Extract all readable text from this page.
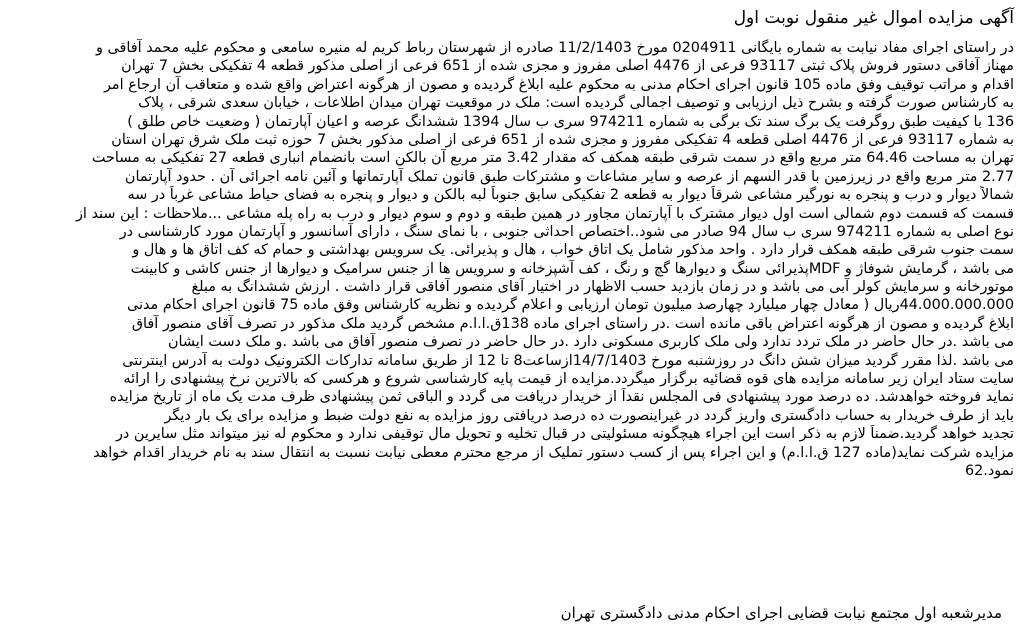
آگهی مزایده اموال غیر منقول نوبت اول
در راستای اجرای مفاد نیابت به شماره بایگانی 0204911 مورخ 11/2/1403 صادره از شهرستان رباط کریم له منیره سامعی و محکوم علیه محمد آفاقی و
مهناز آفاقی دستور فروش پلاک ثبتی 93117 فرعی از 4476 اصلی مفروز و مجزی شده از 651 فرعی از اصلی مذکور قطعه 4 تفکیکی بخش 7 تهران
اقدام و مراتب توقیف وفق ماده 105 قانون اجرای احکام مدنی به محکوم علیه ابلاغ گردیده و مصون از هرگونه اعتراض واقع شده و متعاقب آن ارجاع امر
به کارشناس صورت گرفته و بشرح ذیل ارزیابی و توصیف اجمالی گردیده است: ملک در موقعیت تهران میدان اطلاعات ، خیابان سعدی شرقی ، پلاک
136 با کیفیت طبق روگرفت یک برگ سند تک برگی به شماره 974211 سری ب سال 1394 ششدانگ عرصه و اعیان آپارتمان ( وضعیت خاص طلق )
به شماره 93117 فرعی از 4476 اصلی قطعه 4 تفکیکی مفروز و مجزی شده از 651 فرعی از اصلی مذکور بخش 7 حوزه ثبت ملک شرق تهران استان
تهران به مساحت 64.46 متر مربع واقع در سمت شرقی طبقه همکف که مقدار 3.42 متر مربع آن بالکن است بانضمام انباری قطعه 27 تفکیکی به مساحت
2.77 متر مربع واقع در زیرزمین با قدر السهم از عرصه و سایر مشاعات و مشترکات طبق قانون تملک آپارتمانها و آئین نامه اجرائی آن . حدود آپارتمان
شمالاً دیوار و درب و پنجره به نورگیر مشاعی شرقاً دیوار به قطعه 2 تفکیکی سابق جنوباً لبه بالکن و دیوار و پنجره به فضای حیاط مشاعی غرباً در سه
قسمت که قسمت دوم شمالی است اول دیوار مشترک با آپارتمان مجاور در همین طبقه و دوم و سوم دیوار و درب به راه پله مشاعی ...ملاحظات : این سند از
نوع اصلی به شماره 974211 سری ب سال 94 صادر می شود..اختصاص احداثی جنوبی ، با نمای سنگ ، دارای آسانسور و آپارتمان مورد کارشناسی در
سمت جنوب شرقی طبقه همکف قرار دارد . واحد مذکور شامل یک اتاق خواب ، هال و پذیرائی. یک سرویس بهداشتی و حمام که کف اتاق ها و هال و
می باشد ، گرمایش شوفاژ و MDFپذیرائی سنگ و دیوارها گچ و رنگ ، کف آشپزخانه و سرویس ها از جنس سرامیک و دیوارها از جنس کاشی و کابینت
موتورخانه و سرمایش کولر آبی می باشد و در زمان بازدید حسب الاظهار در اختیار آقای منصور آفاقی قرار داشت . ارزش ششدانگ به مبلغ
44.000.000.000ریال ( معادل چهار میلیارد چهارصد میلیون تومان ارزیابی و اعلام گردیده و نظریه کارشناس وفق ماده 75 قانون اجرای احکام مدنی
ابلاغ گردیده و مصون از هرگونه اعتراض باقی مانده است .در راستای اجرای ماده 138ق.ا.ا.م مشخص گردید ملک مذکور در تصرف آقای منصور آفاق
می باشد .در حال حاضر در ملک تردد ندارد ولی ملک کاربری مسکونی دارد .در حال حاضر در تصرف منصور آفاق می باشد .و ملک دست ایشان
می باشد .لذا مقرر گردید میزان شش دانگ در روزشنبه مورخ 14/7/1403ازساعت8 تا 12 از طریق سامانه تدارکات الکترونیک دولت به آدرس اینترنتی
سایت ستاد ایران زیر سامانه مزایده های قوه قضائیه برگزار میگردد.مزایده از قیمت پایه کارشناسی شروع و هرکسی که بالاترین نرخ پیشنهادی را ارائه
نماید فروخته خواهدشد. ده درصد مورد پیشنهادی فی المجلس نقداً از خریدار دریافت می گردد و الباقی ثمن پیشنهادی ظرف مدت یک ماه از تاریخ مزایده
باید از طرف خریدار به حساب دادگستری واریز گردد در غیراینصورت ده درصد دریافتی روز مزایده به نفع دولت ضبط و مزایده برای یک بار دیگر
تجدید خواهد گردید.ضمناً لازم به ذکر است این اجراء هیچگونه مسئولیتی در قبال تخلیه و تحویل مال توقیفی ندارد و محکوم له نیز میتواند مثل سایرین در
مزایده شرکت نماید(ماده 127 ق.ا.ا.م) و این اجراء پس از کسب دستور تملیک از مرجع محترم معطی نیابت نسبت به انتقال سند به نام خریدار اقدام خواهد
نمود.62
مدیرشعبه اول مجتمع نیابت قضایی اجرای احکام مدنی دادگستری تهران
